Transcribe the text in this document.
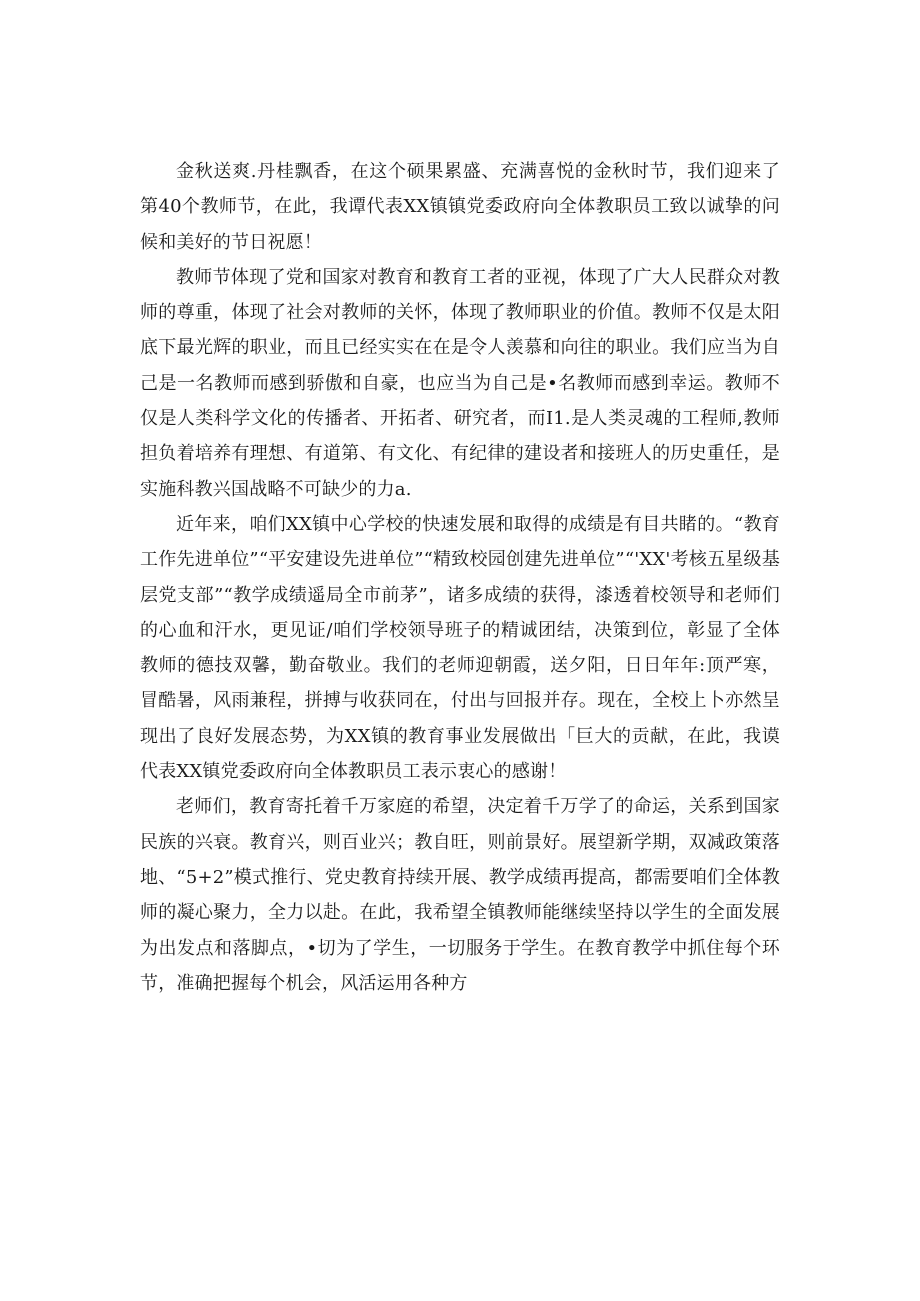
金秋送爽.丹桂飘香，在这个硕果累盛、充满喜悦的金秋时节，我们迎来了第40个教师节，在此，我谭代表XX镇镇党委政府向全体教职员工致以诚挚的问候和美好的节日祝愿！

教师节体现了党和国家对教育和教育工者的亚视，体现了广大人民群众对教师的尊重，体现了社会对教师的关怀，体现了教师职业的价值。教师不仅是太阳底下最光辉的职业，而且已经实实在在是令人羡慕和向往的职业。我们应当为自己是一名教师而感到骄傲和自豪，也应当为自己是•名教师而感到幸运。教师不仅是人类科学文化的传播者、开拓者、研究者，而I1.是人类灵魂的工程师,教师担负着培养有理想、有道第、有文化、有纪律的建设者和接班人的历史重任，是实施科教兴国战略不可缺少的力a.

近年来，咱们XX镇中心学校的快速发展和取得的成绩是有目共睹的。“教育工作先进单位”“平安建设先进单位”“精致校园创建先进单位”“'XX'考核五星级基层党支部”“教学成绩遥局全市前茅”，诸多成绩的获得，漆透着校领导和老师们的心血和汗水，更见证/咱们学校领导班子的精诚团结，决策到位，彰显了全体教师的德技双馨，勤奋敬业。我们的老师迎朝霞，送夕阳，日日年年:顶严寒，冒酷暑，风雨兼程，拼搏与收获同在，付出与回报并存。现在，全校上卜亦然呈现出了良好发展态势，为XX镇的教育事业发展做出「巨大的贡献，在此，我谟代表XX镇党委政府向全体教职员工表示衷心的感谢！

老师们，教育寄托着千万家庭的希望，决定着千万学了的命运，关系到国家民族的兴衰。教育兴，则百业兴；教自旺，则前景好。展望新学期，双减政策落地、“5+2”模式推行、党史教育持续开展、教学成绩再提高，都需要咱们全体教师的凝心聚力，全力以赴。在此，我希望全镇教师能继续坚持以学生的全面发展为出发点和落脚点，•切为了学生，一切服务于学生。在教育教学中抓住每个环节，准确把握每个机会，风活运用各种方
